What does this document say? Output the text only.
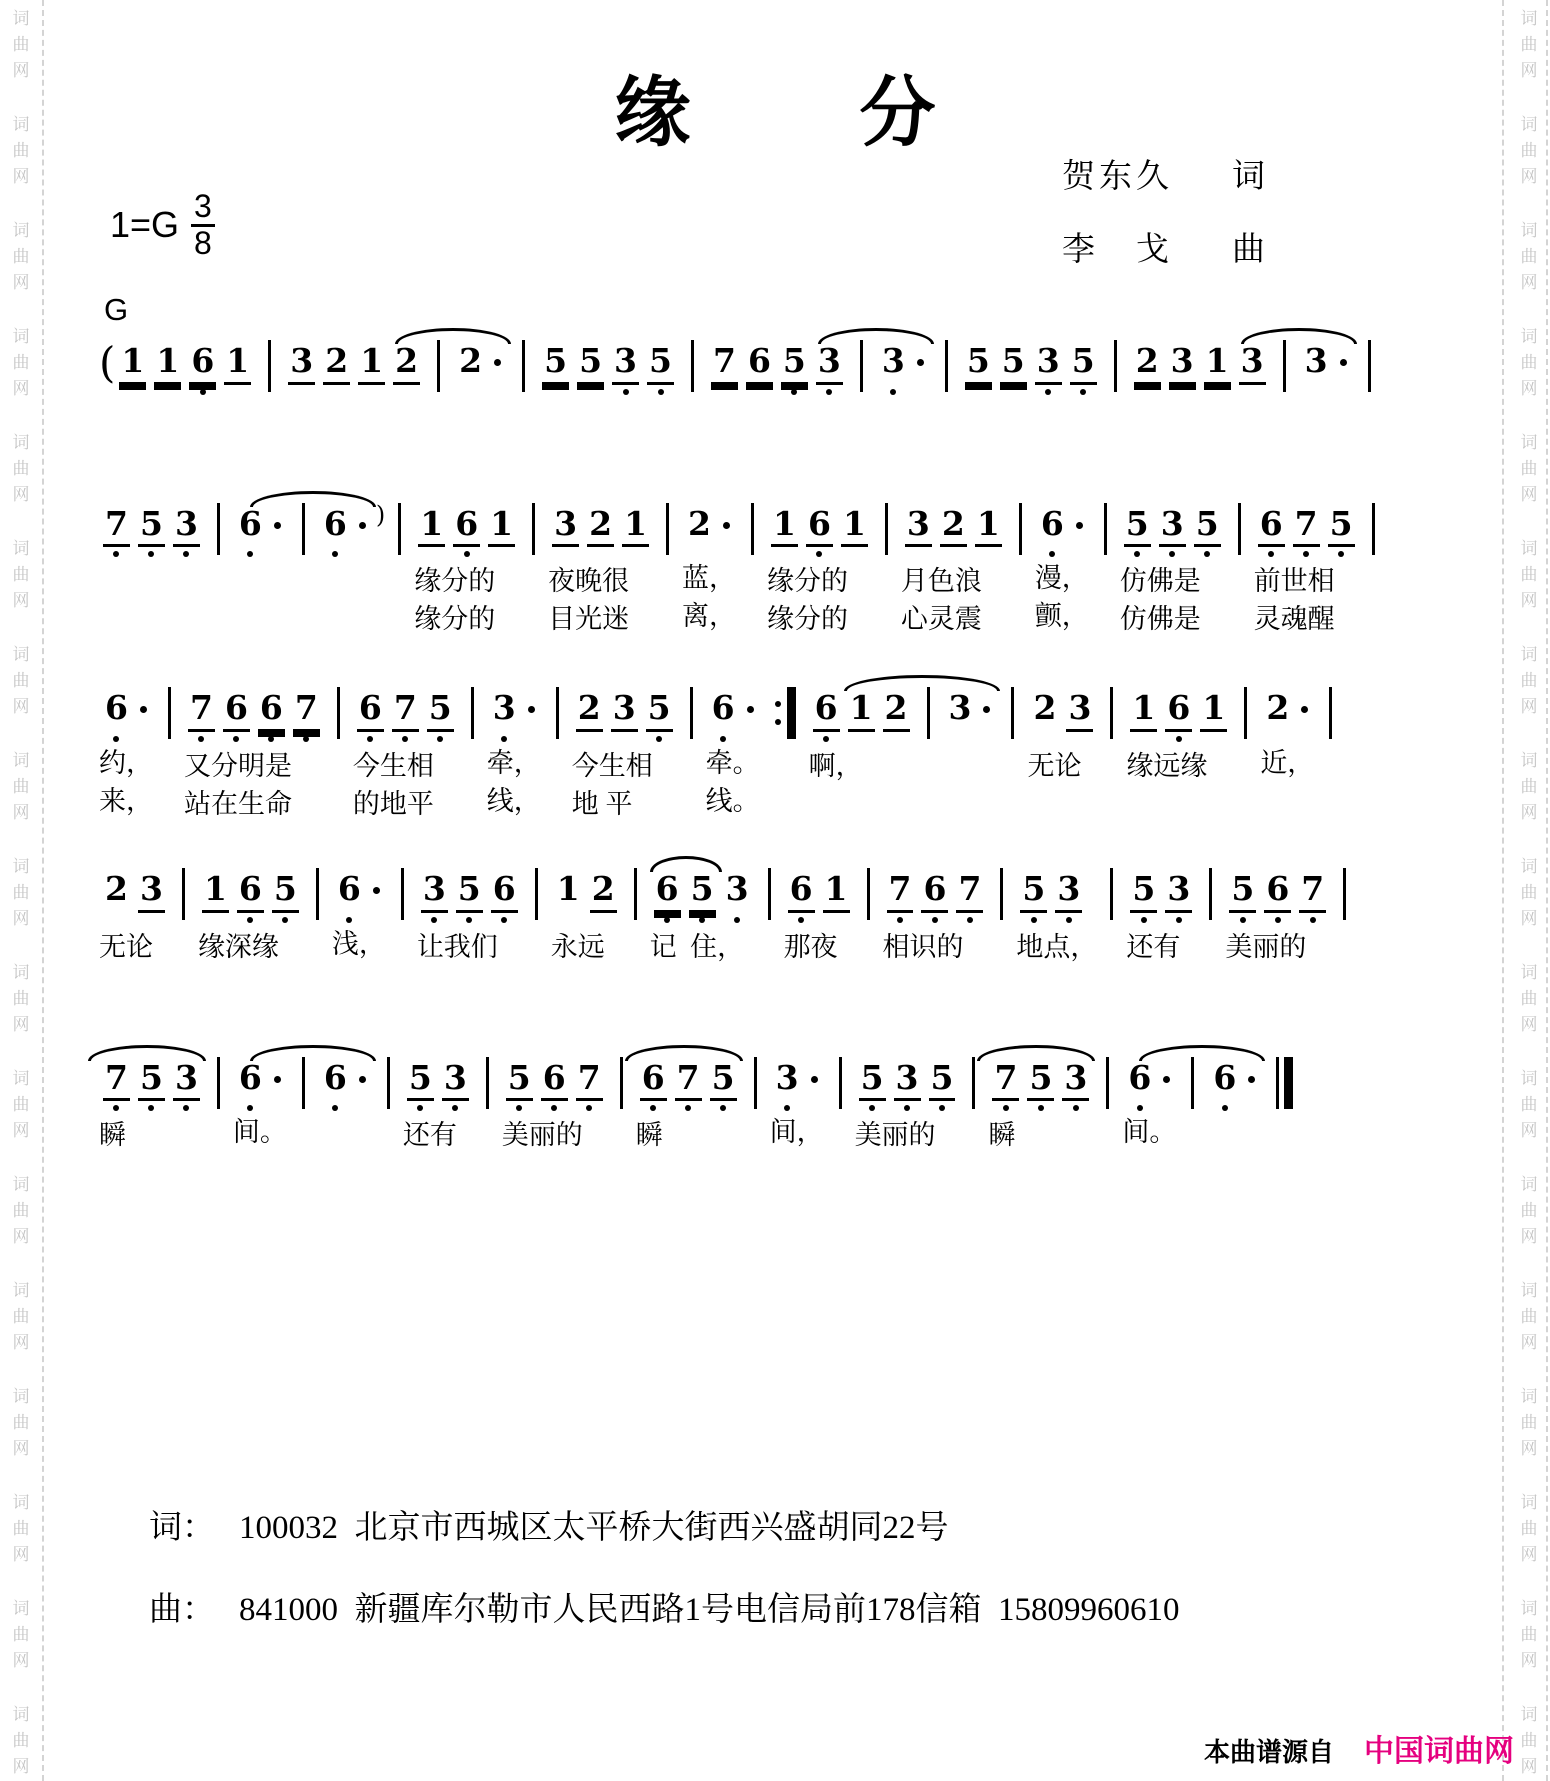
词
曲
网
词
曲
网
词
曲
网
词
曲
网
词
曲
网
词
曲
网
词
曲
网
词
曲
网
词
曲
网
词
曲
网
词
曲
网
词
曲
网
词
曲
网
词
曲
网
词
曲
网
词
曲
网
词
曲
网
词
曲
网
词
曲
网
词
曲
网
词
曲
网
词
曲
网
词
曲
网
词
曲
网
词
曲
网
词
曲
网
词
曲
网
词
曲
网
词
曲
网
词
曲
网
词
曲
网
词
曲
网
词
曲
网
词
曲
网
缘 分
贺东久	词
李　戈	曲
$1=G \frac{3}{8}$
G
( 1 1 6 1 3 2 1 2 2 5 5 3 5 7 6 5 3 3 5 5 3 5 2 3 1 3 3
7 5 3 6 6 ) 1 6 1
缘分的
缘分的
3 2 1
夜晚很
目光迷
2
蓝，
离，
1 6 1
缘分的
缘分的
3 2 1
月色浪
心灵震
6
漫，
颤，
5 3 5
仿佛是
仿佛是
6 7 5
前世相
灵魂醒
6
约，
来，
7 6 6 7
又分明是
站在生命
6 7 5
今生相
的地平
3
牵，
线，
2 3 5
今生相
地 平
6
牵。
线。
6 1 2
啊，
3 2 3
无论
1 6 1
缘远缘
2
近，
2 3
无论
1 6 5
缘深缘
6
浅，
3 5 6
让我们
1 2
永远
6 5 3
记  住，
6 1
那夜
7 6 7
相识的
5 3
地点，
5 3
还有
5 6 7
美丽的
7 5 3
瞬
6
间。
6 5 3
还有
5 6 7
美丽的
6 7 5
瞬
3
间，
5 3 5
美丽的
7 5 3
瞬
6
间。
6

词： 100032  北京市西城区太平桥大街西兴盛胡同22号

曲： 841000  新疆库尔勒市人民西路1号电信局前178信箱  15809960610

本曲谱源自 中国词曲网
